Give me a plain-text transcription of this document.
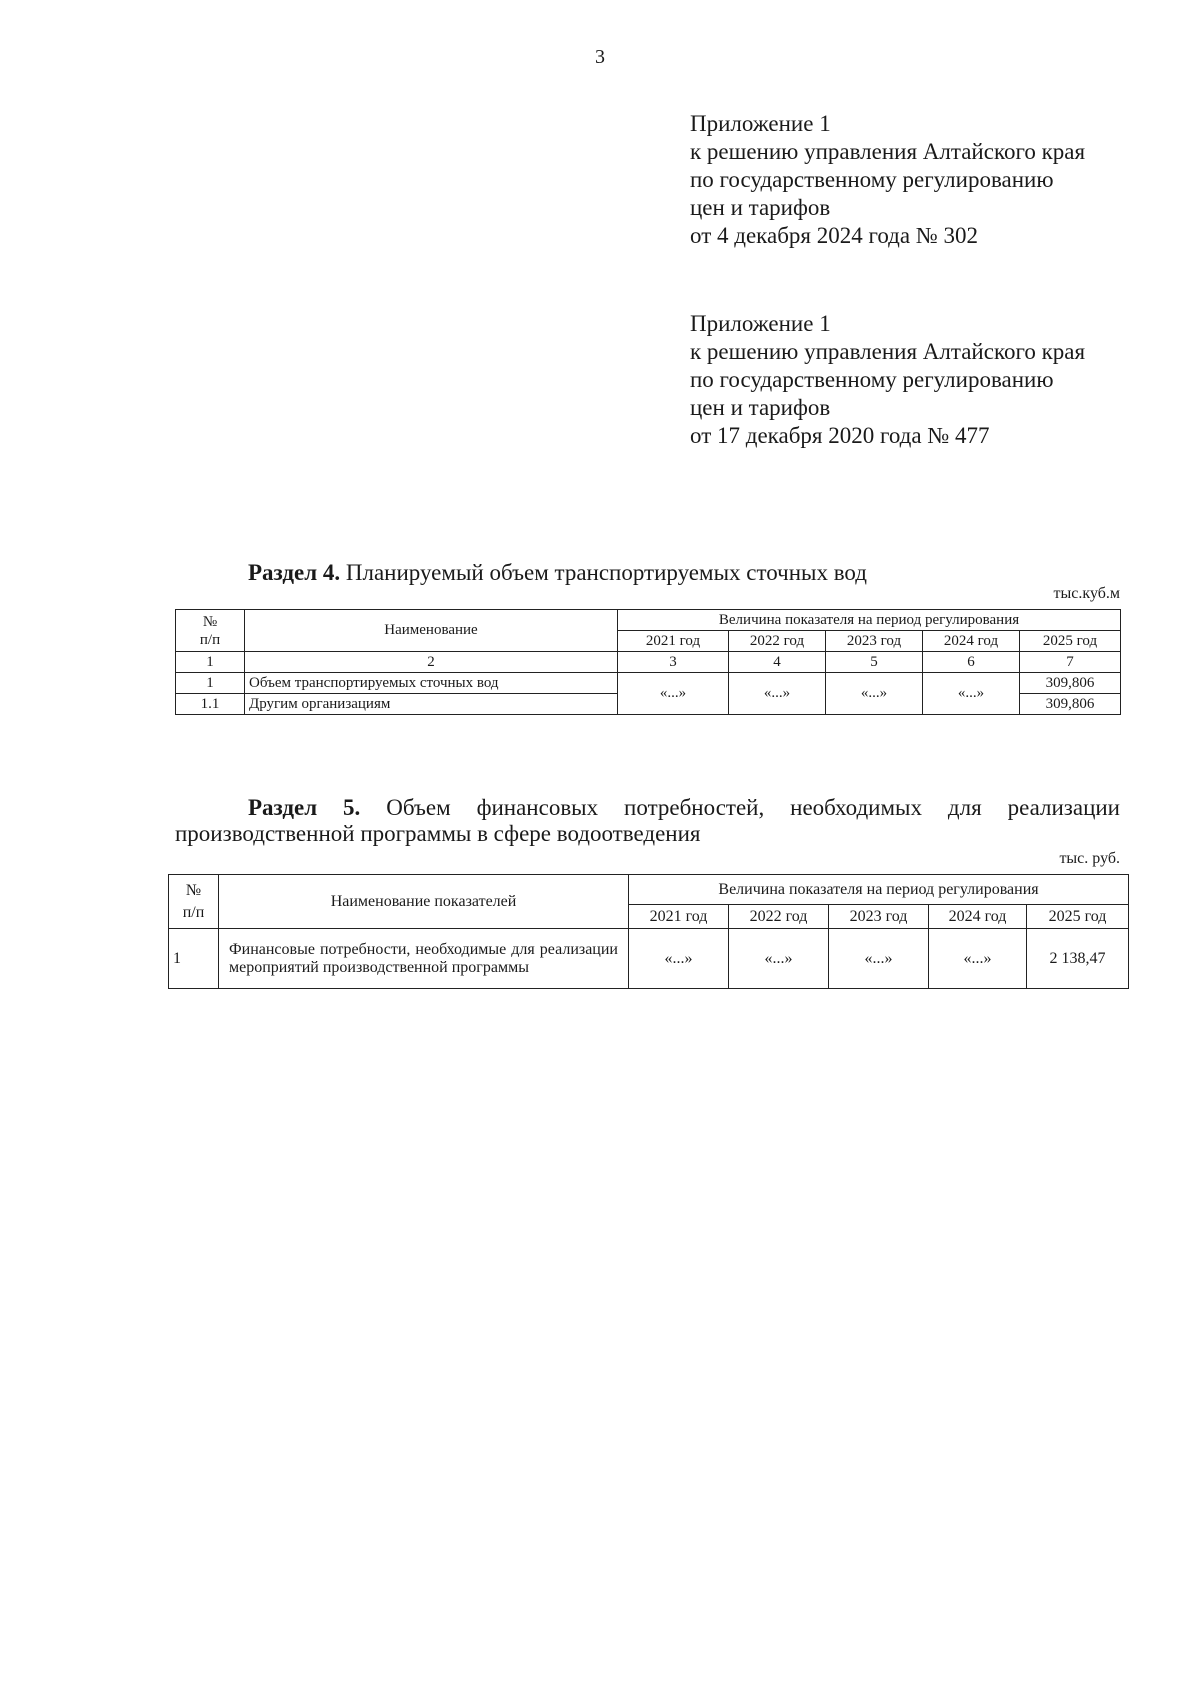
3
Приложение 1
к решению управления Алтайского края
по государственному регулированию
цен и тарифов
от 4 декабря 2024 года № 302
Приложение 1
к решению управления Алтайского края
по государственному регулированию
цен и тарифов
от 17 декабря 2020 года № 477
Раздел 4. Планируемый объем транспортируемых сточных вод
тыс.куб.м
№
п/п	Наименование	Величина показателя на период регулирования				
		2021 год	2022 год	2023 год	2024 год	2025 год
1	2	3	4	5	6	7
1	Объем транспортируемых сточных вод	«...»	«...»	«...»	«...»	309,806
1.1	Другим организациям					309,806
Раздел 5. Объем финансовых потребностей, необходимых для реализации производственной программы в сфере водоотведения
тыс. руб.
№
п/п	Наименование показателей	Величина показателя на период регулирования				
		2021 год	2022 год	2023 год	2024 год	2025 год
1	Финансовые потребности, необходимые для реализации мероприятий производственной программы	«...»	«...»	«...»	«...»	2 138,47
